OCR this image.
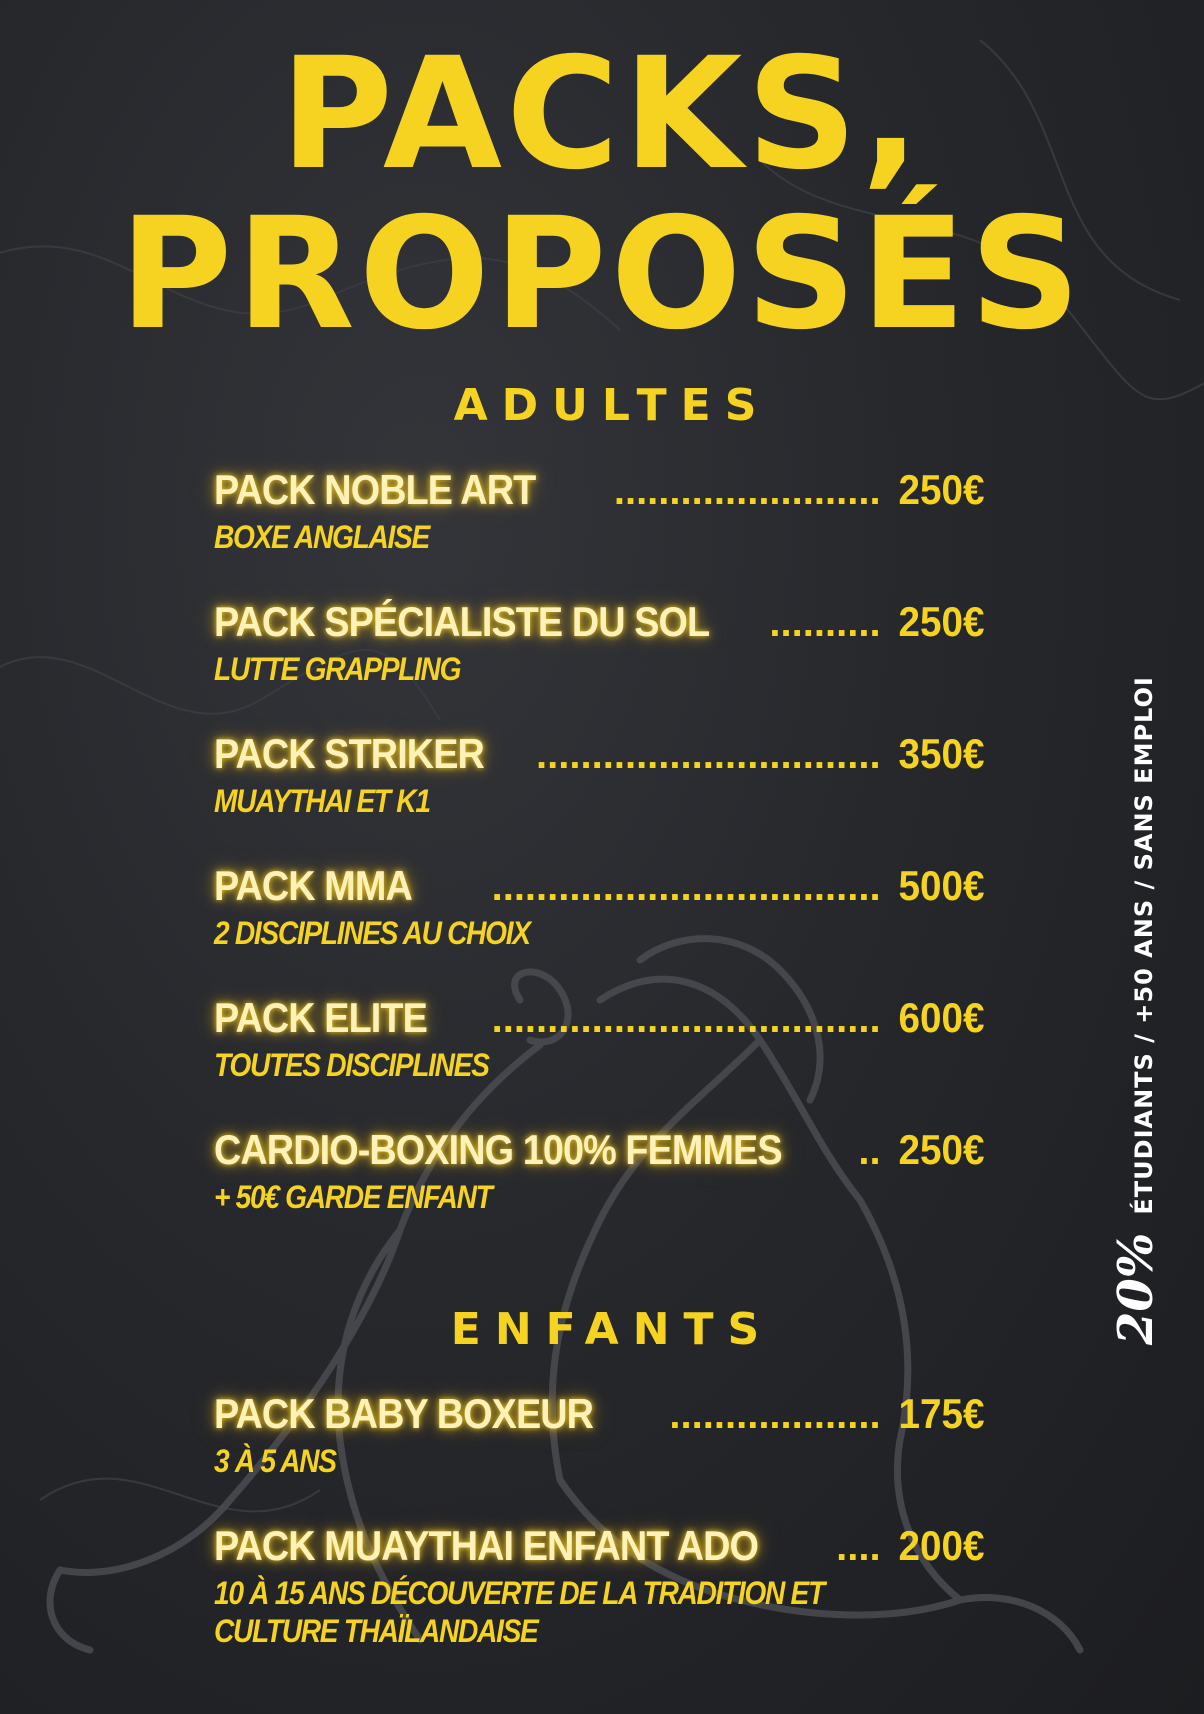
PACKS,
PROPOSÉS
ADULTES
PACK NOBLE ART	........................ 250€
BOXE ANGLAISE
PACK SPÉCIALISTE DU SOL .......... 250€
LUTTE GRAPPLING
PACK STRIKER	............................... 350€
MUAYTHAI ET K1
PACK MMA	................................... 500€
2 DISCIPLINES AU CHOIX
PACK ELITE	................................... 600€
TOUTES DISCIPLINES
CARDIO-BOXING 100% FEMMES	.. 250€
+ 50€ GARDE ENFANT
ENFANTS
PACK BABY BOXEUR	................... 175€
3 À 5 ANS
PACK MUAYTHAI ENFANT ADO	.... 200€
10 À 15 ANS DÉCOUVERTE DE LA TRADITION ET
CULTURE THAÏLANDAISE
20%
ÉTUDIANTS / +50 ANS / SANS EMPLOI
